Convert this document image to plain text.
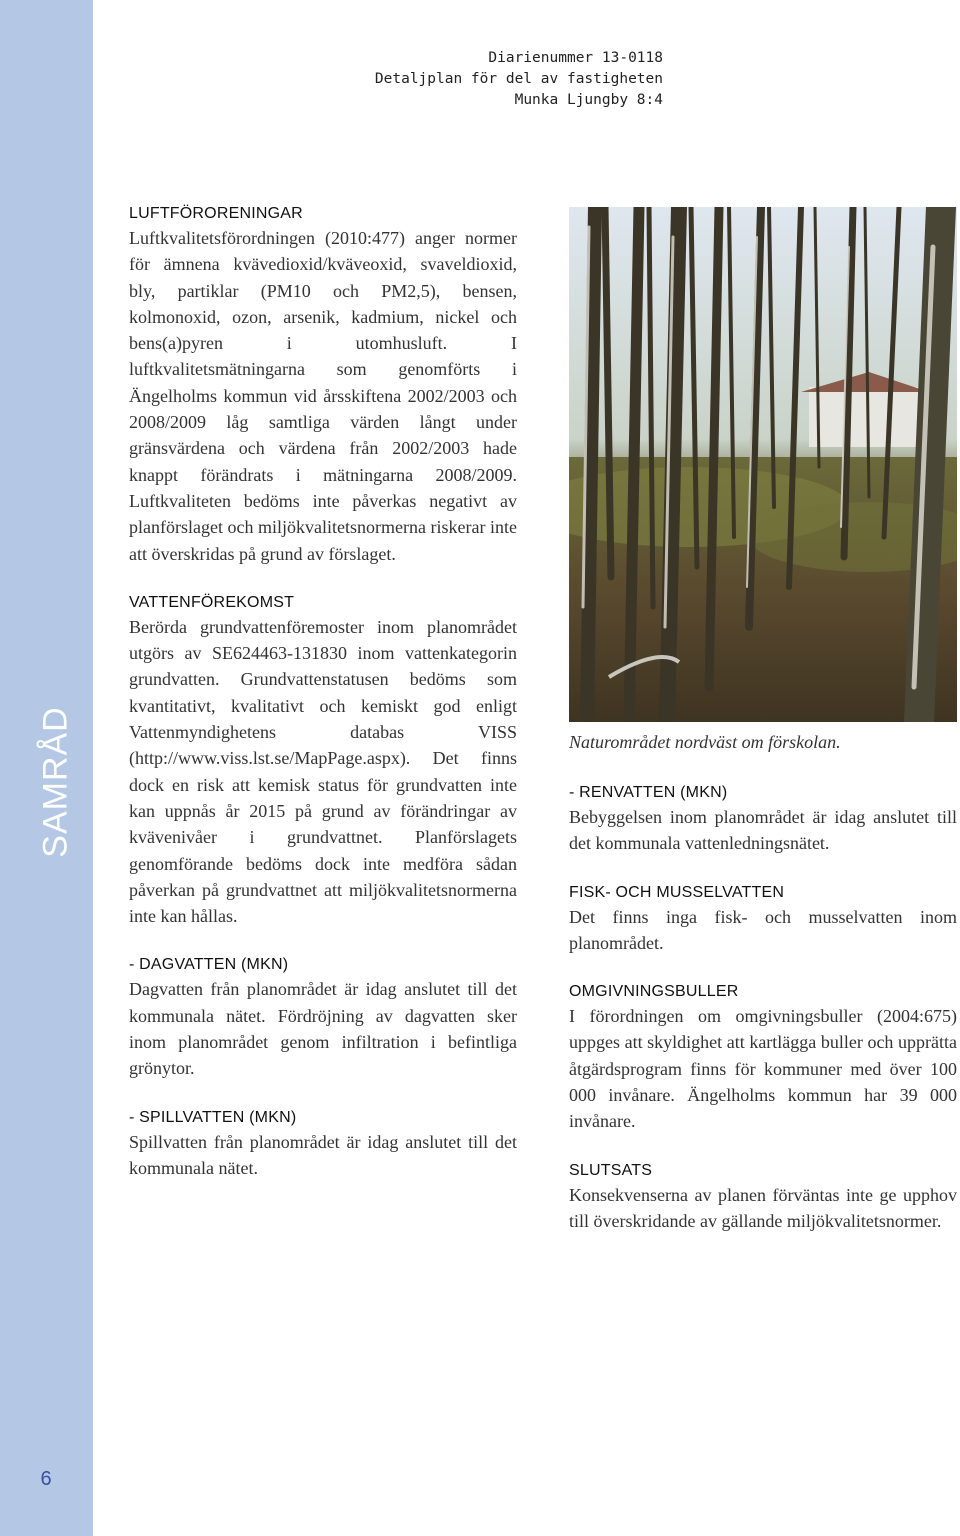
SAMRÅD
6
Diarienummer 13-0118
Detaljplan för del av fastigheten
Munka Ljungby 8:4
LUFTFÖRORENINGAR

Luftkvalitetsförordningen (2010:477) anger normer för ämnena kvävedioxid/kväveoxid, svaveldioxid, bly, partiklar (PM10 och PM2,5), bensen, kolmonoxid, ozon, arsenik, kadmium, nickel och bens(a)pyren i utomhusluft. I luftkvalitetsmätningarna som genomförts i Ängelholms kommun vid årsskiftena 2002/2003 och 2008/2009 låg samtliga värden långt under gränsvärdena och värdena från 2002/2003 hade knappt förändrats i mätningarna 2008/2009. Luftkvaliteten bedöms inte påverkas negativt av planförslaget och miljökvalitetsnormerna riskerar inte att överskridas på grund av förslaget.

VATTENFÖREKOMST

Berörda grundvattenföremoster inom planområdet utgörs av SE624463-131830 inom vattenkategorin grundvatten. Grundvattenstatusen bedöms som kvantitativt, kvalitativt och kemiskt god enligt Vattenmyndighetens databas VISS (http://www.viss.lst.se/MapPage.aspx). Det finns dock en risk att kemisk status för grundvatten inte kan uppnås år 2015 på grund av förändringar av kvävenivåer i grundvattnet. Planförslagets genomförande bedöms dock inte medföra sådan påverkan på grundvattnet att miljökvalitetsnormerna inte kan hållas.

- DAGVATTEN (MKN)

Dagvatten från planområdet är idag anslutet till det kommunala nätet. Fördröjning av dagvatten sker inom planområdet genom infiltration i befintliga grönytor.

- SPILLVATTEN (MKN)

Spillvatten från planområdet är idag anslutet till det kommunala nätet.

Naturområdet nordväst om förskolan.

- RENVATTEN (MKN)

Bebyggelsen inom planområdet är idag anslutet till det kommunala vattenledningsnätet.

FISK- OCH MUSSELVATTEN

Det finns inga fisk- och musselvatten inom planområdet.

OMGIVNINGSBULLER

I förordningen om omgivningsbuller (2004:675) uppges att skyldighet att kartlägga buller och upprätta åtgärdsprogram finns för kommuner med över 100 000 invånare. Ängelholms kommun har 39 000 invånare.

SLUTSATS

Konsekvenserna av planen förväntas inte ge upphov till överskridande av gällande miljökvalitetsnormer.
